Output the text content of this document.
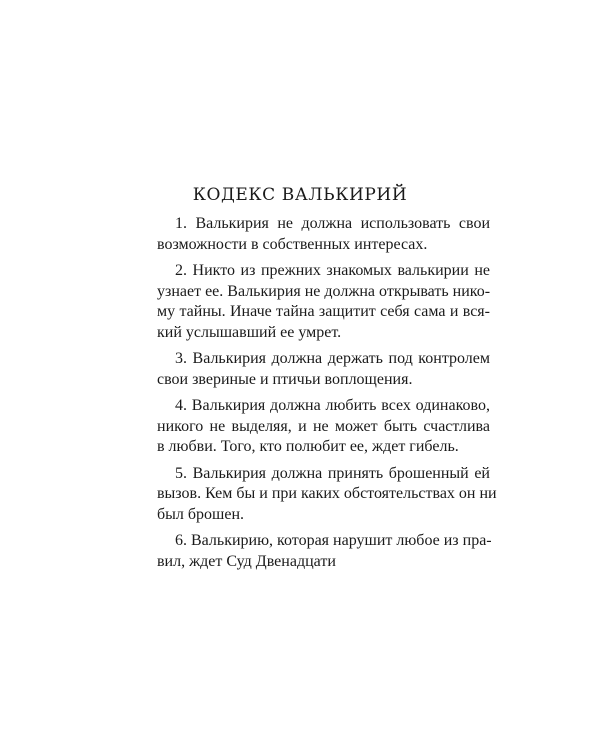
КОДЕКС ВАЛЬКИРИЙ
1. Валькирия не должна использовать свои
возможности в собственных интересах.
2. Никто из прежних знакомых валькирии не
узнает ее. Валькирия не должна открывать нико-
му тайны. Иначе тайна защитит себя сама и вся-
кий услышавший ее умрет.
3. Валькирия должна держать под контролем
свои звериные и птичьи воплощения.
4. Валькирия должна любить всех одинаково,
никого не выделяя, и не может быть счастлива
в любви. Того, кто полюбит ее, ждет гибель.
5. Валькирия должна принять брошенный ей
вызов. Кем бы и при каких обстоятельствах он ни
был брошен.
6. Валькирию, которая нарушит любое из пра-
вил, ждет Суд Двенадцати
